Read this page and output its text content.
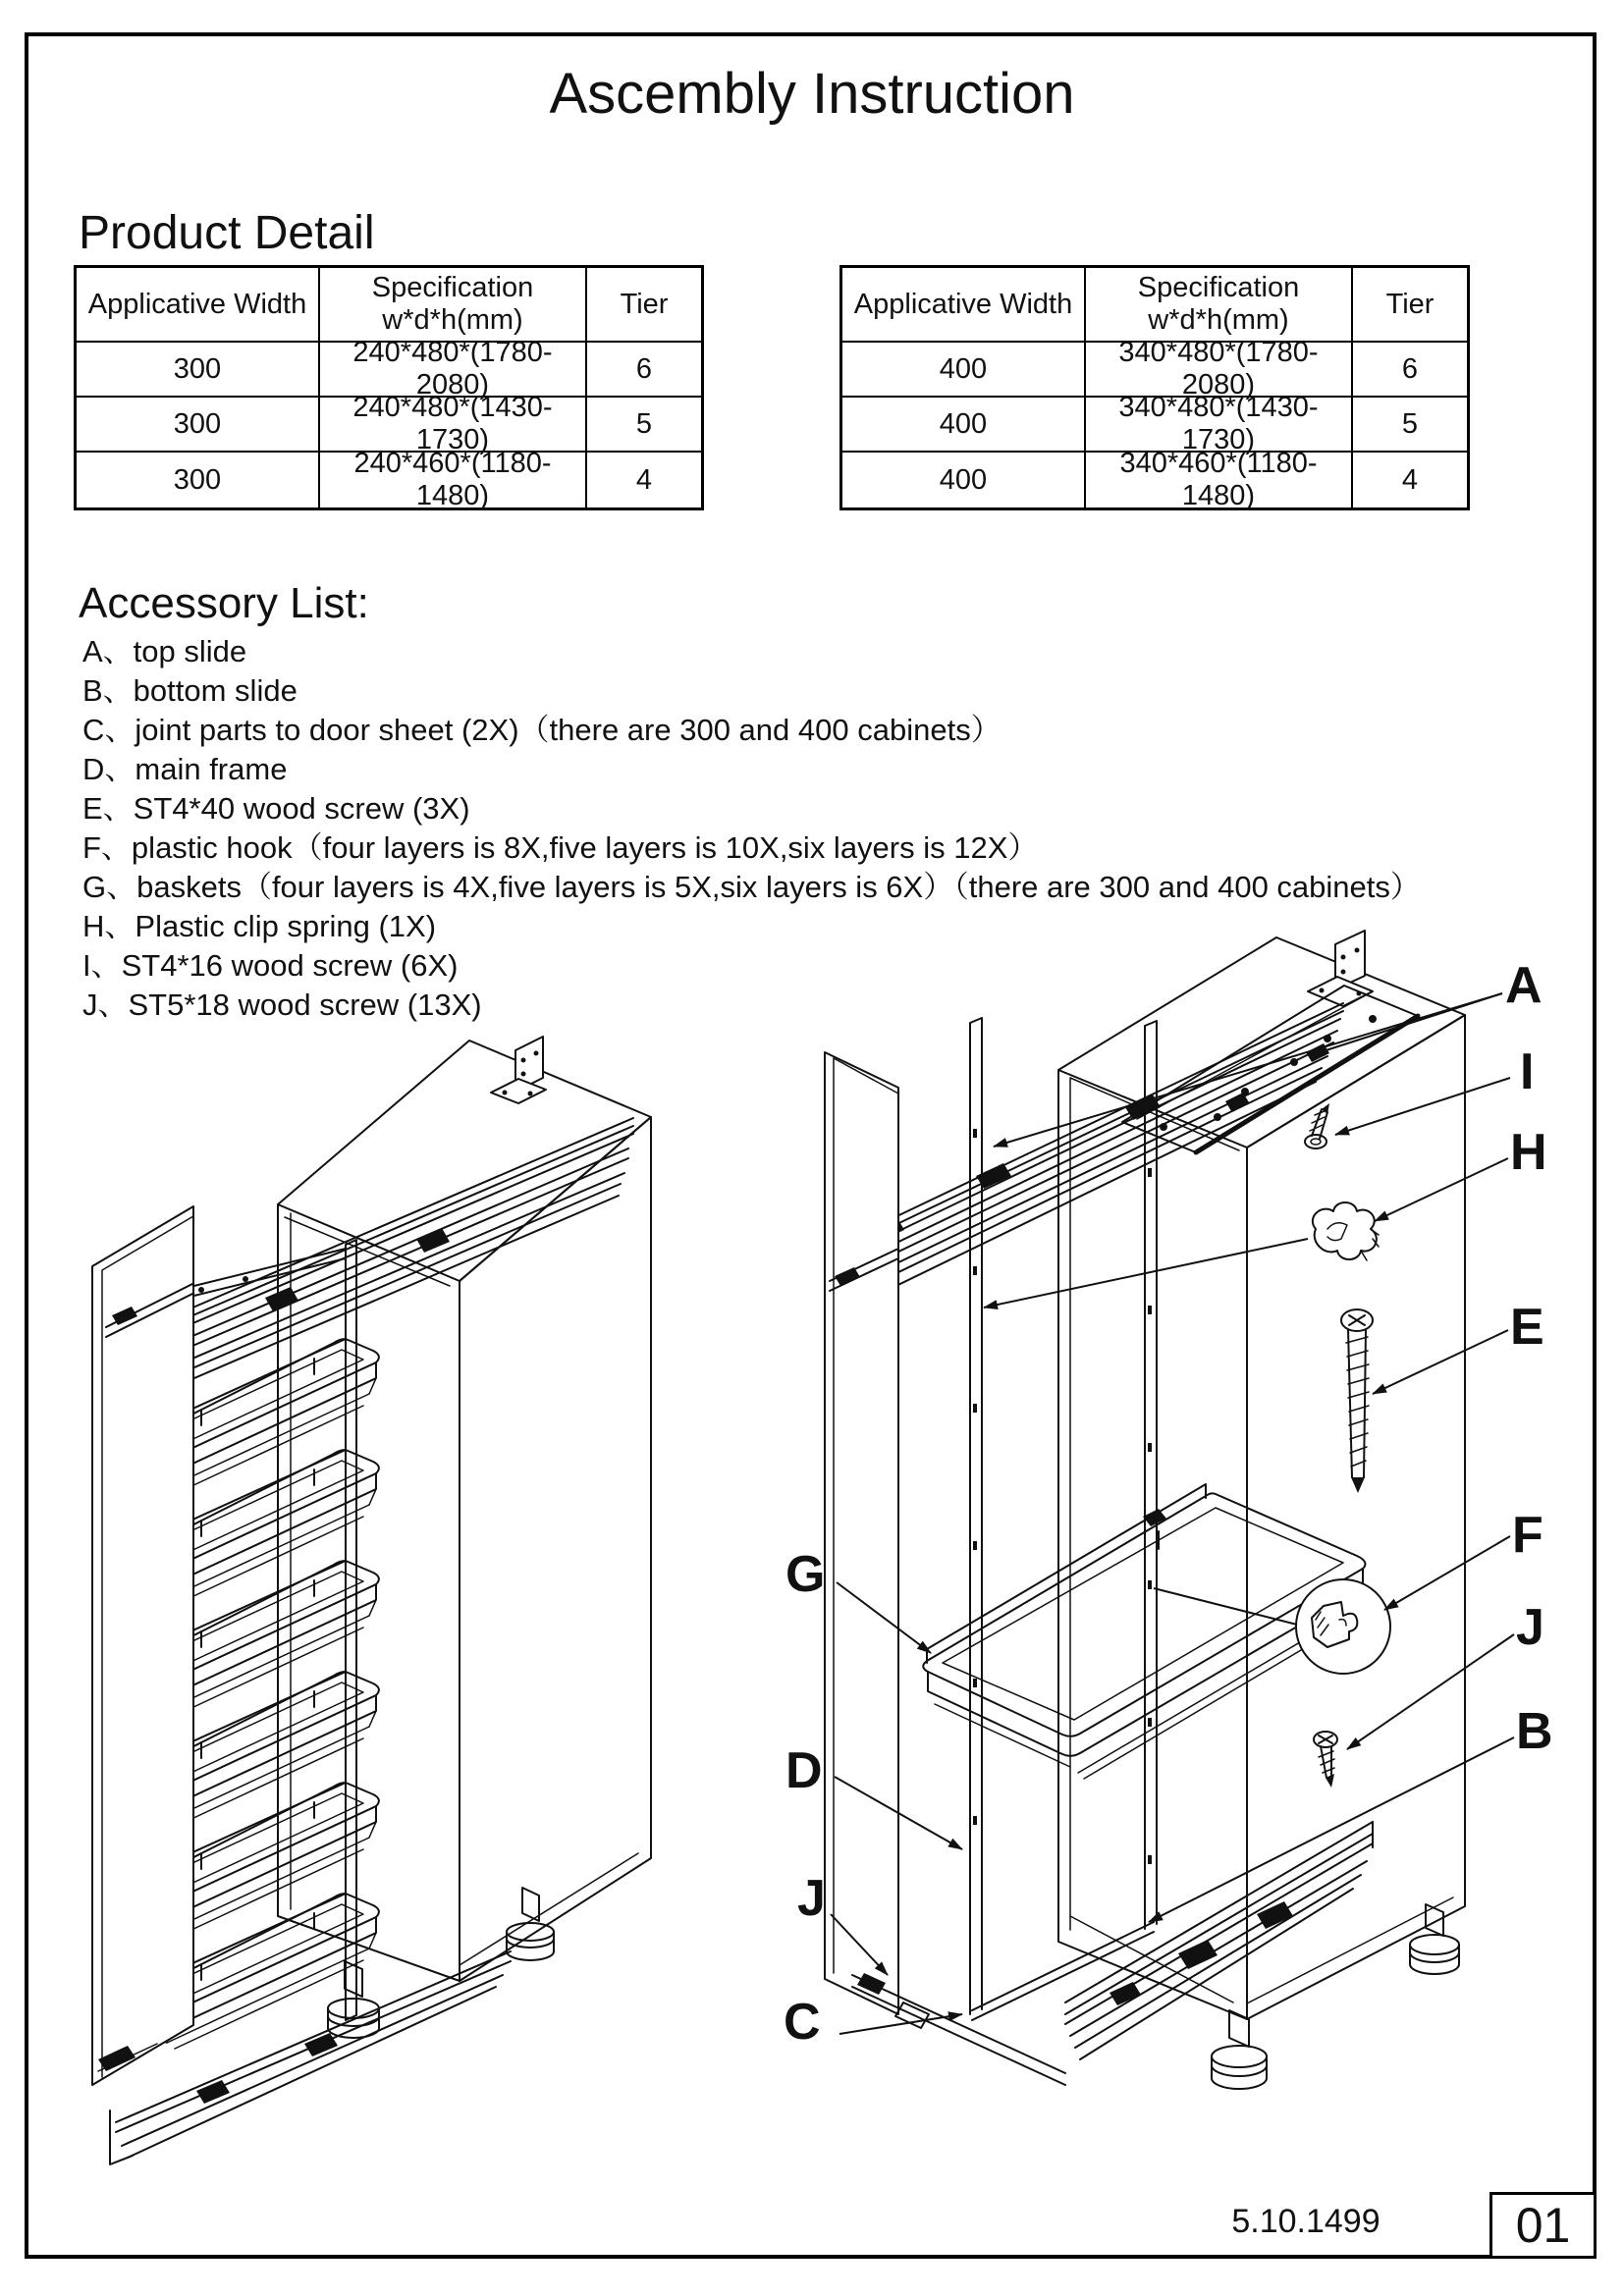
Ascembly Instruction
Product Detail
Applicative Width
Specification
w*d*h(mm)
Tier
300
240*480*(1780-2080)
6
300
240*480*(1430-1730)
5
300
240*460*(1180-1480)
4
Applicative Width
Specification
w*d*h(mm)
Tier
400
340*480*(1780-2080)
6
400
340*480*(1430-1730)
5
400
340*460*(1180-1480)
4
Accessory List:
A、top slide
B、bottom slide
C、joint parts to door sheet (2X)（there are 300 and 400 cabinets）
D、main frame
E、ST4*40 wood screw (3X)
F、plastic hook（four layers is 8X,five layers is 10X,six layers is 12X）
G、baskets（four layers is 4X,five layers is 5X,six layers is 6X）（there are 300 and 400 cabinets）
H、Plastic clip spring (1X)
I、ST4*16 wood screw (6X)
J、ST5*18 wood screw (13X)	A
I
H
E
F
J
B
G
D
J
C
5.10.1499	01
